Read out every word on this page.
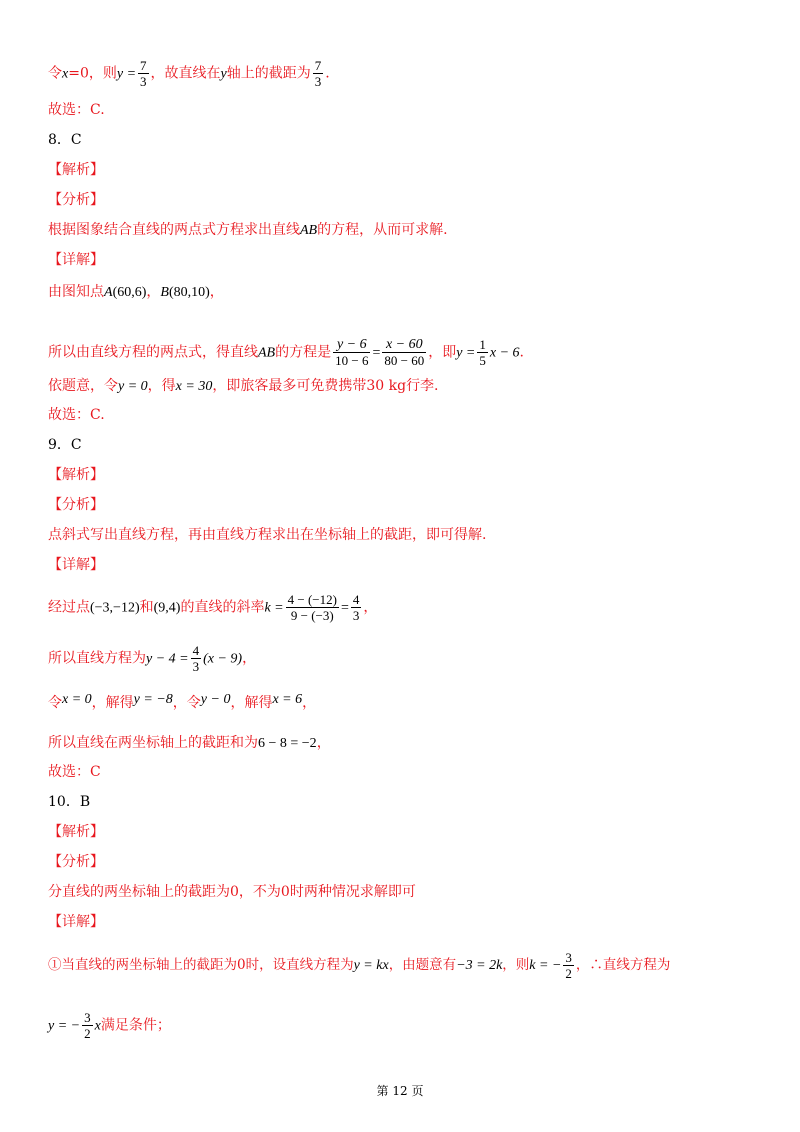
令x=0，则$y = \frac{7}{3}$ ，故直线在y轴上的截距为 $\frac{7}{3}$ .
故选：C.
8．C
【解析】
【分析】
根据图象结合直线的两点式方程求出直线AB的方程，从而可求解.
【详解】
由图知点A(60,6)，B(80,10)，
所以由直线方程的两点式，得直线AB的方程是 $\frac{y - 6}{10 - 6} = \frac{x - 60}{80 - 60}$ ，即$y = \frac{1}{5}$ x − 6.
依题意，令y = 0，得x = 30，即旅客最多可免费携带30 kg行李.
故选：C.
9．C
【解析】
【分析】
点斜式写出直线方程，再由直线方程求出在坐标轴上的截距，即可得解.
【详解】
经过点(−3,−12)和(9,4)的直线的斜率$k = \frac{4 - (-12)}{9 - (-3)} = \frac{4}{3}$ ，
所以直线方程为$y - 4 = \frac{4}{3} (x - 9)$，
令x = 0，解得y = −8，令y − 0，解得x = 6，
所以直线在两坐标轴上的截距和为6 − 8 = −2，
故选：C
10．B
【解析】
【分析】
分直线的两坐标轴上的截距为0，不为0时两种情况求解即可
【详解】
①当直线的两坐标轴上的截距为0时，设直线方程为y = kx，由题意有−3 = 2k，则k = − $\frac{3}{2}$ ，∴直线方程为
y = − $\frac{3}{2}$ x满足条件；
第 12 页
